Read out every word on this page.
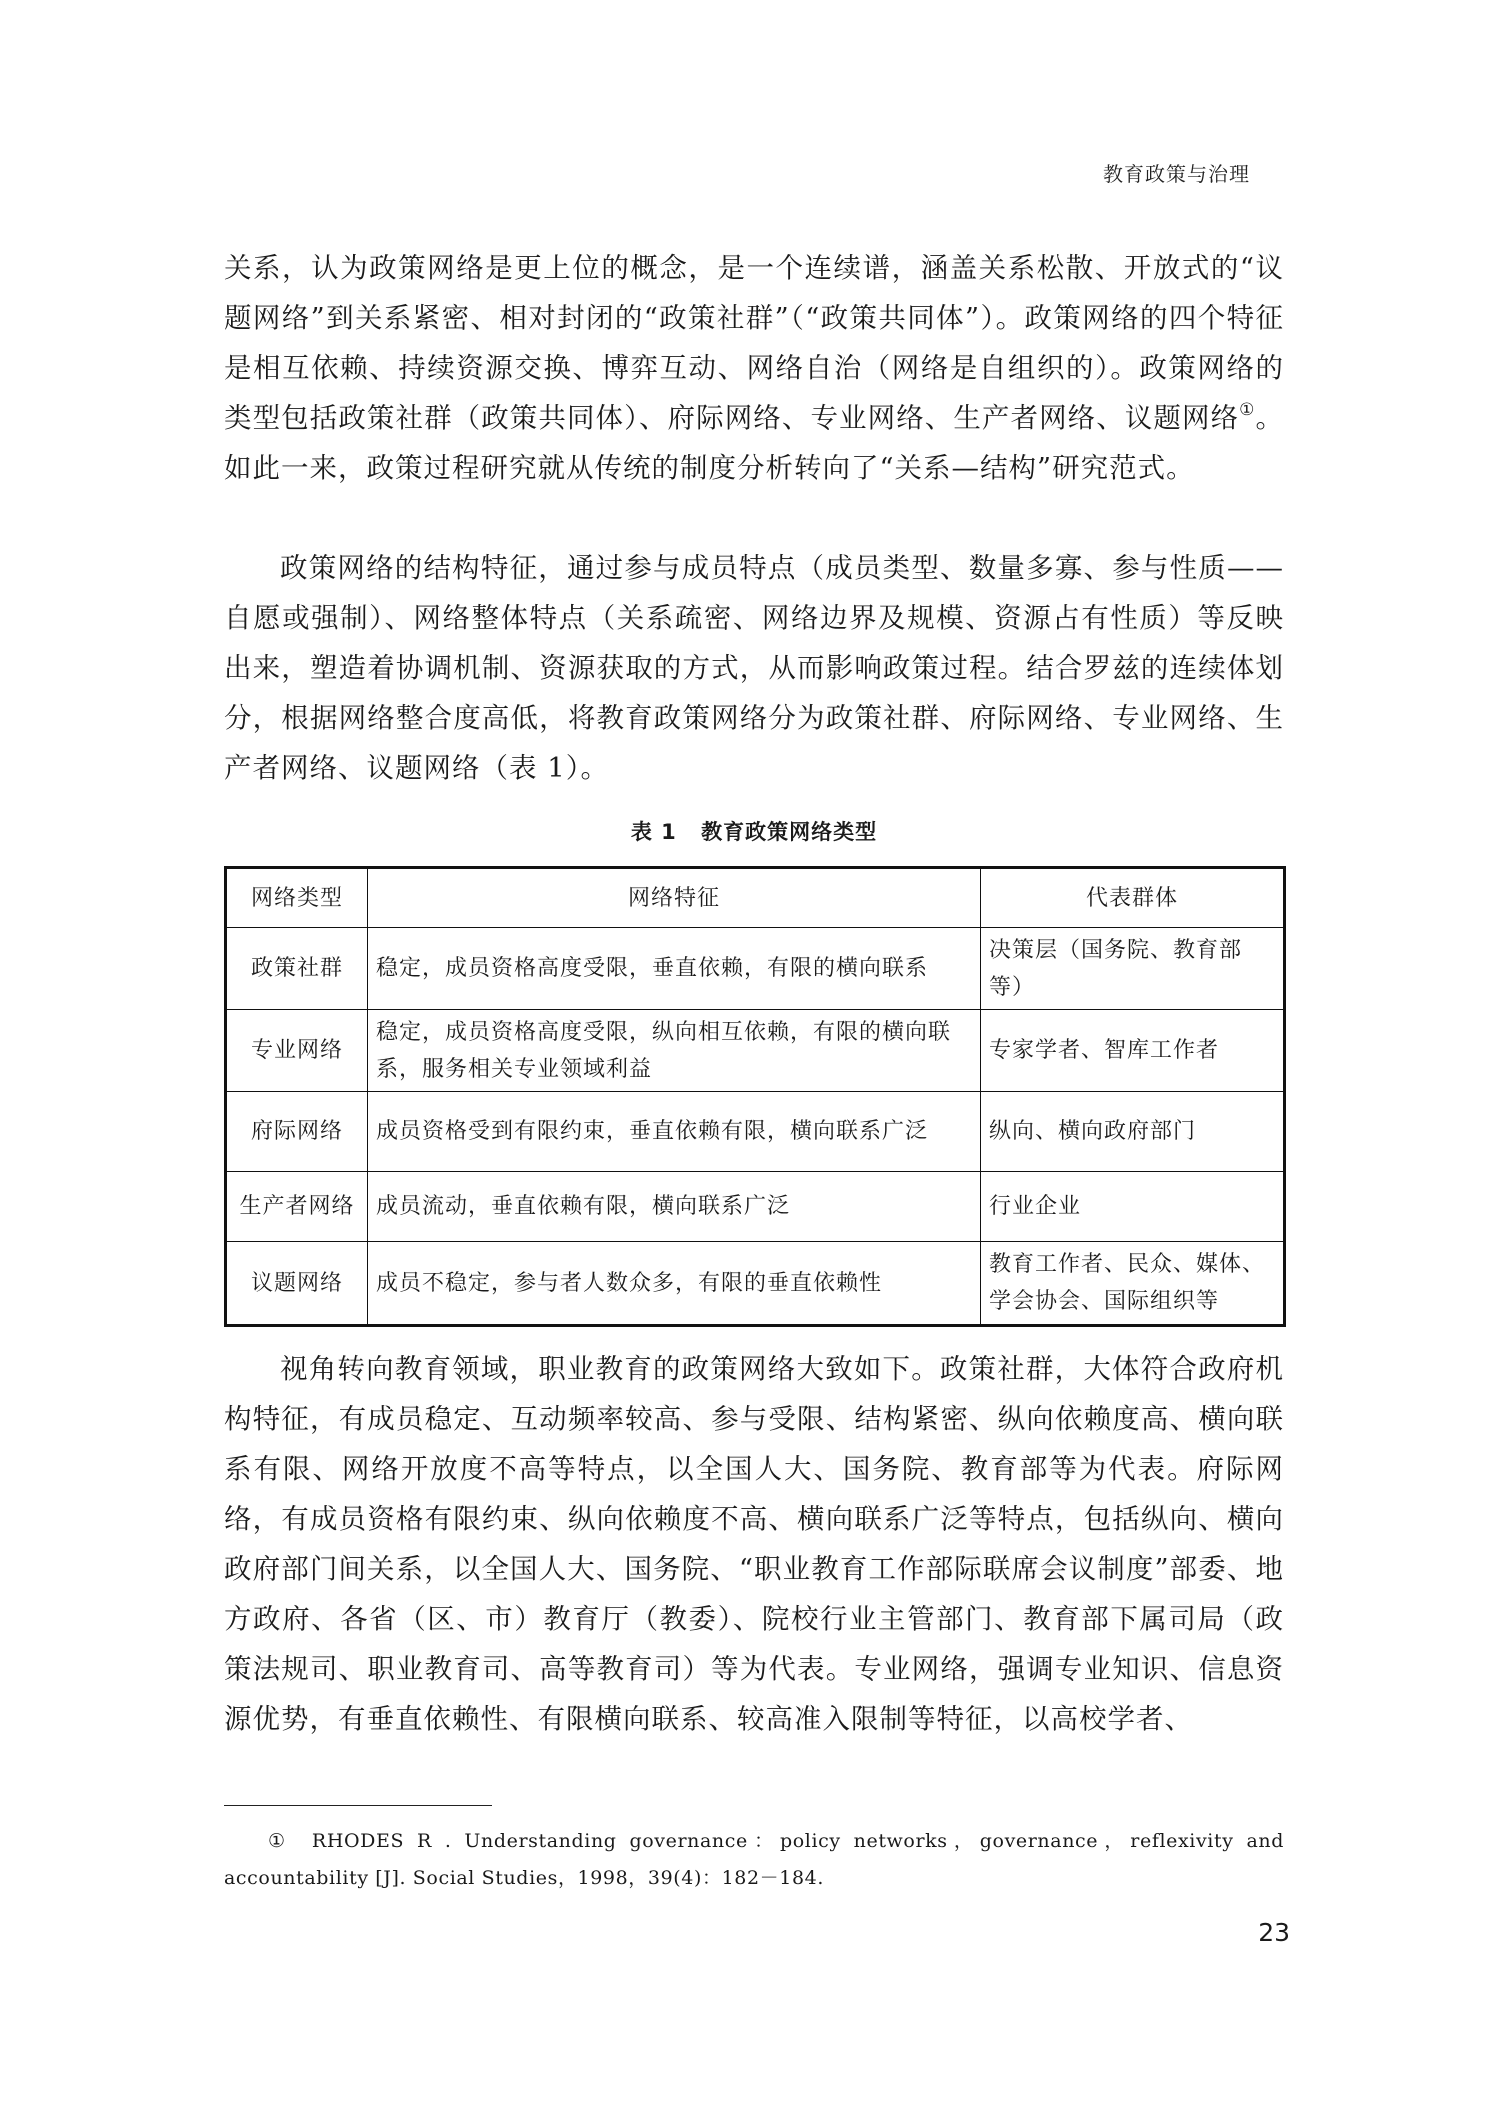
教育政策与治理

关系，认为政策网络是更上位的概念，是一个连续谱，涵盖关系松散、开放式的“议题网络”到关系紧密、相对封闭的“政策社群”（“政策共同体”）。政策网络的四个特征是相互依赖、持续资源交换、博弈互动、网络自治（网络是自组织的）。政策网络的类型包括政策社群（政策共同体）、府际网络、专业网络、生产者网络、议题网络①。如此一来，政策过程研究就从传统的制度分析转向了“关系—结构”研究范式。

政策网络的结构特征，通过参与成员特点（成员类型、数量多寡、参与性质——自愿或强制）、网络整体特点（关系疏密、网络边界及规模、资源占有性质）等反映出来，塑造着协调机制、资源获取的方式，从而影响政策过程。结合罗兹的连续体划分，根据网络整合度高低，将教育政策网络分为政策社群、府际网络、专业网络、生产者网络、议题网络（表 1）。

表 1 教育政策网络类型
网络类型	网络特征	代表群体
政策社群	稳定，成员资格高度受限，垂直依赖，有限的横向联系	决策层（国务院、教育部等）
专业网络	稳定，成员资格高度受限，纵向相互依赖，有限的横向联系，服务相关专业领域利益	专家学者、智库工作者
府际网络	成员资格受到有限约束，垂直依赖有限，横向联系广泛	纵向、横向政府部门
生产者网络	成员流动，垂直依赖有限，横向联系广泛	行业企业
议题网络	成员不稳定，参与者人数众多，有限的垂直依赖性	教育工作者、民众、媒体、学会协会、国际组织等

视角转向教育领域，职业教育的政策网络大致如下。政策社群，大体符合政府机构特征，有成员稳定、互动频率较高、参与受限、结构紧密、纵向依赖度高、横向联系有限、网络开放度不高等特点，以全国人大、国务院、教育部等为代表。府际网络，有成员资格有限约束、纵向依赖度不高、横向联系广泛等特点，包括纵向、横向政府部门间关系，以全国人大、国务院、“职业教育工作部际联席会议制度”部委、地方政府、各省（区、市）教育厅（教委）、院校行业主管部门、教育部下属司局（政策法规司、职业教育司、高等教育司）等为代表。专业网络，强调专业知识、信息资源优势，有垂直依赖性、有限横向联系、较高准入限制等特征，以高校学者、

① RHODES R . Understanding governance：policy networks，governance，reflexivity and accountability [J]. Social Studies，1998，39(4)：182－184.

23
